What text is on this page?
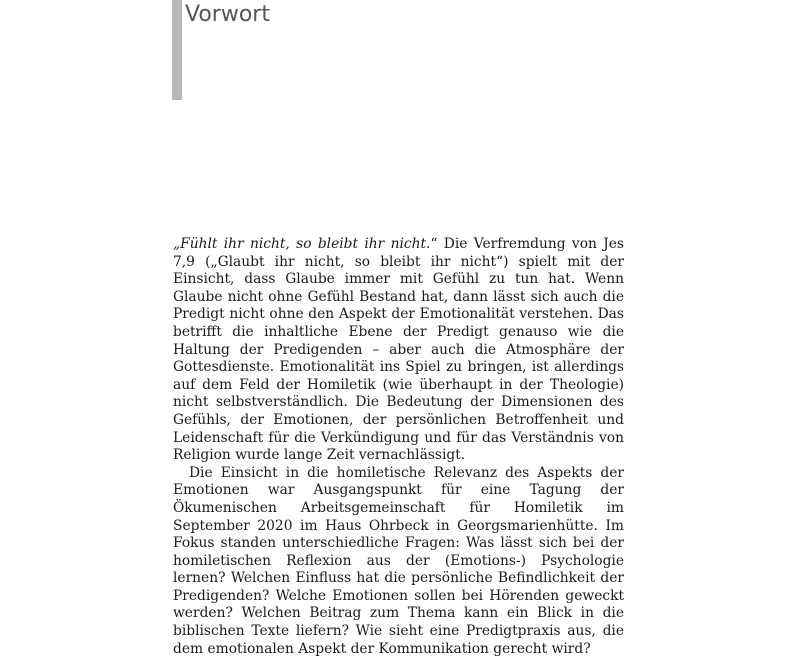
Vorwort

„Fühlt ihr nicht, so bleibt ihr nicht.“ Die Verfremdung von Jes 7,9 („Glaubt ihr nicht, so bleibt ihr nicht“) spielt mit der Einsicht, dass Glaube immer mit Gefühl zu tun hat. Wenn Glaube nicht ohne Gefühl Bestand hat, dann lässt sich auch die Predigt nicht ohne den Aspekt der Emotionalität verstehen. Das betrifft die inhaltliche Ebene der Predigt genauso wie die Haltung der Predigenden – aber auch die Atmosphäre der Gottesdienste. Emotionalität ins Spiel zu bringen, ist allerdings auf dem Feld der Homiletik (wie überhaupt in der Theologie) nicht selbstverständlich. Die Bedeutung der Dimensionen des Gefühls, der Emotionen, der persönlichen Betroffenheit und Leidenschaft für die Verkündigung und für das Verständnis von Religion wurde lange Zeit vernachlässigt.

Die Einsicht in die homiletische Relevanz des Aspekts der Emotionen war Ausgangspunkt für eine Tagung der Ökumenischen Arbeitsgemeinschaft für Homiletik im September 2020 im Haus Ohrbeck in Georgsmarienhütte. Im Fokus standen unterschiedliche Fragen: Was lässt sich bei der homiletischen Reflexion aus der (Emotions-) Psychologie lernen? Welchen Einfluss hat die persönliche Befindlichkeit der Predigenden? Welche Emotionen sollen bei Hörenden geweckt werden? Welchen Beitrag zum Thema kann ein Blick in die biblischen Texte liefern? Wie sieht eine Predigtpraxis aus, die dem emotionalen Aspekt der Kommunikation gerecht wird?
